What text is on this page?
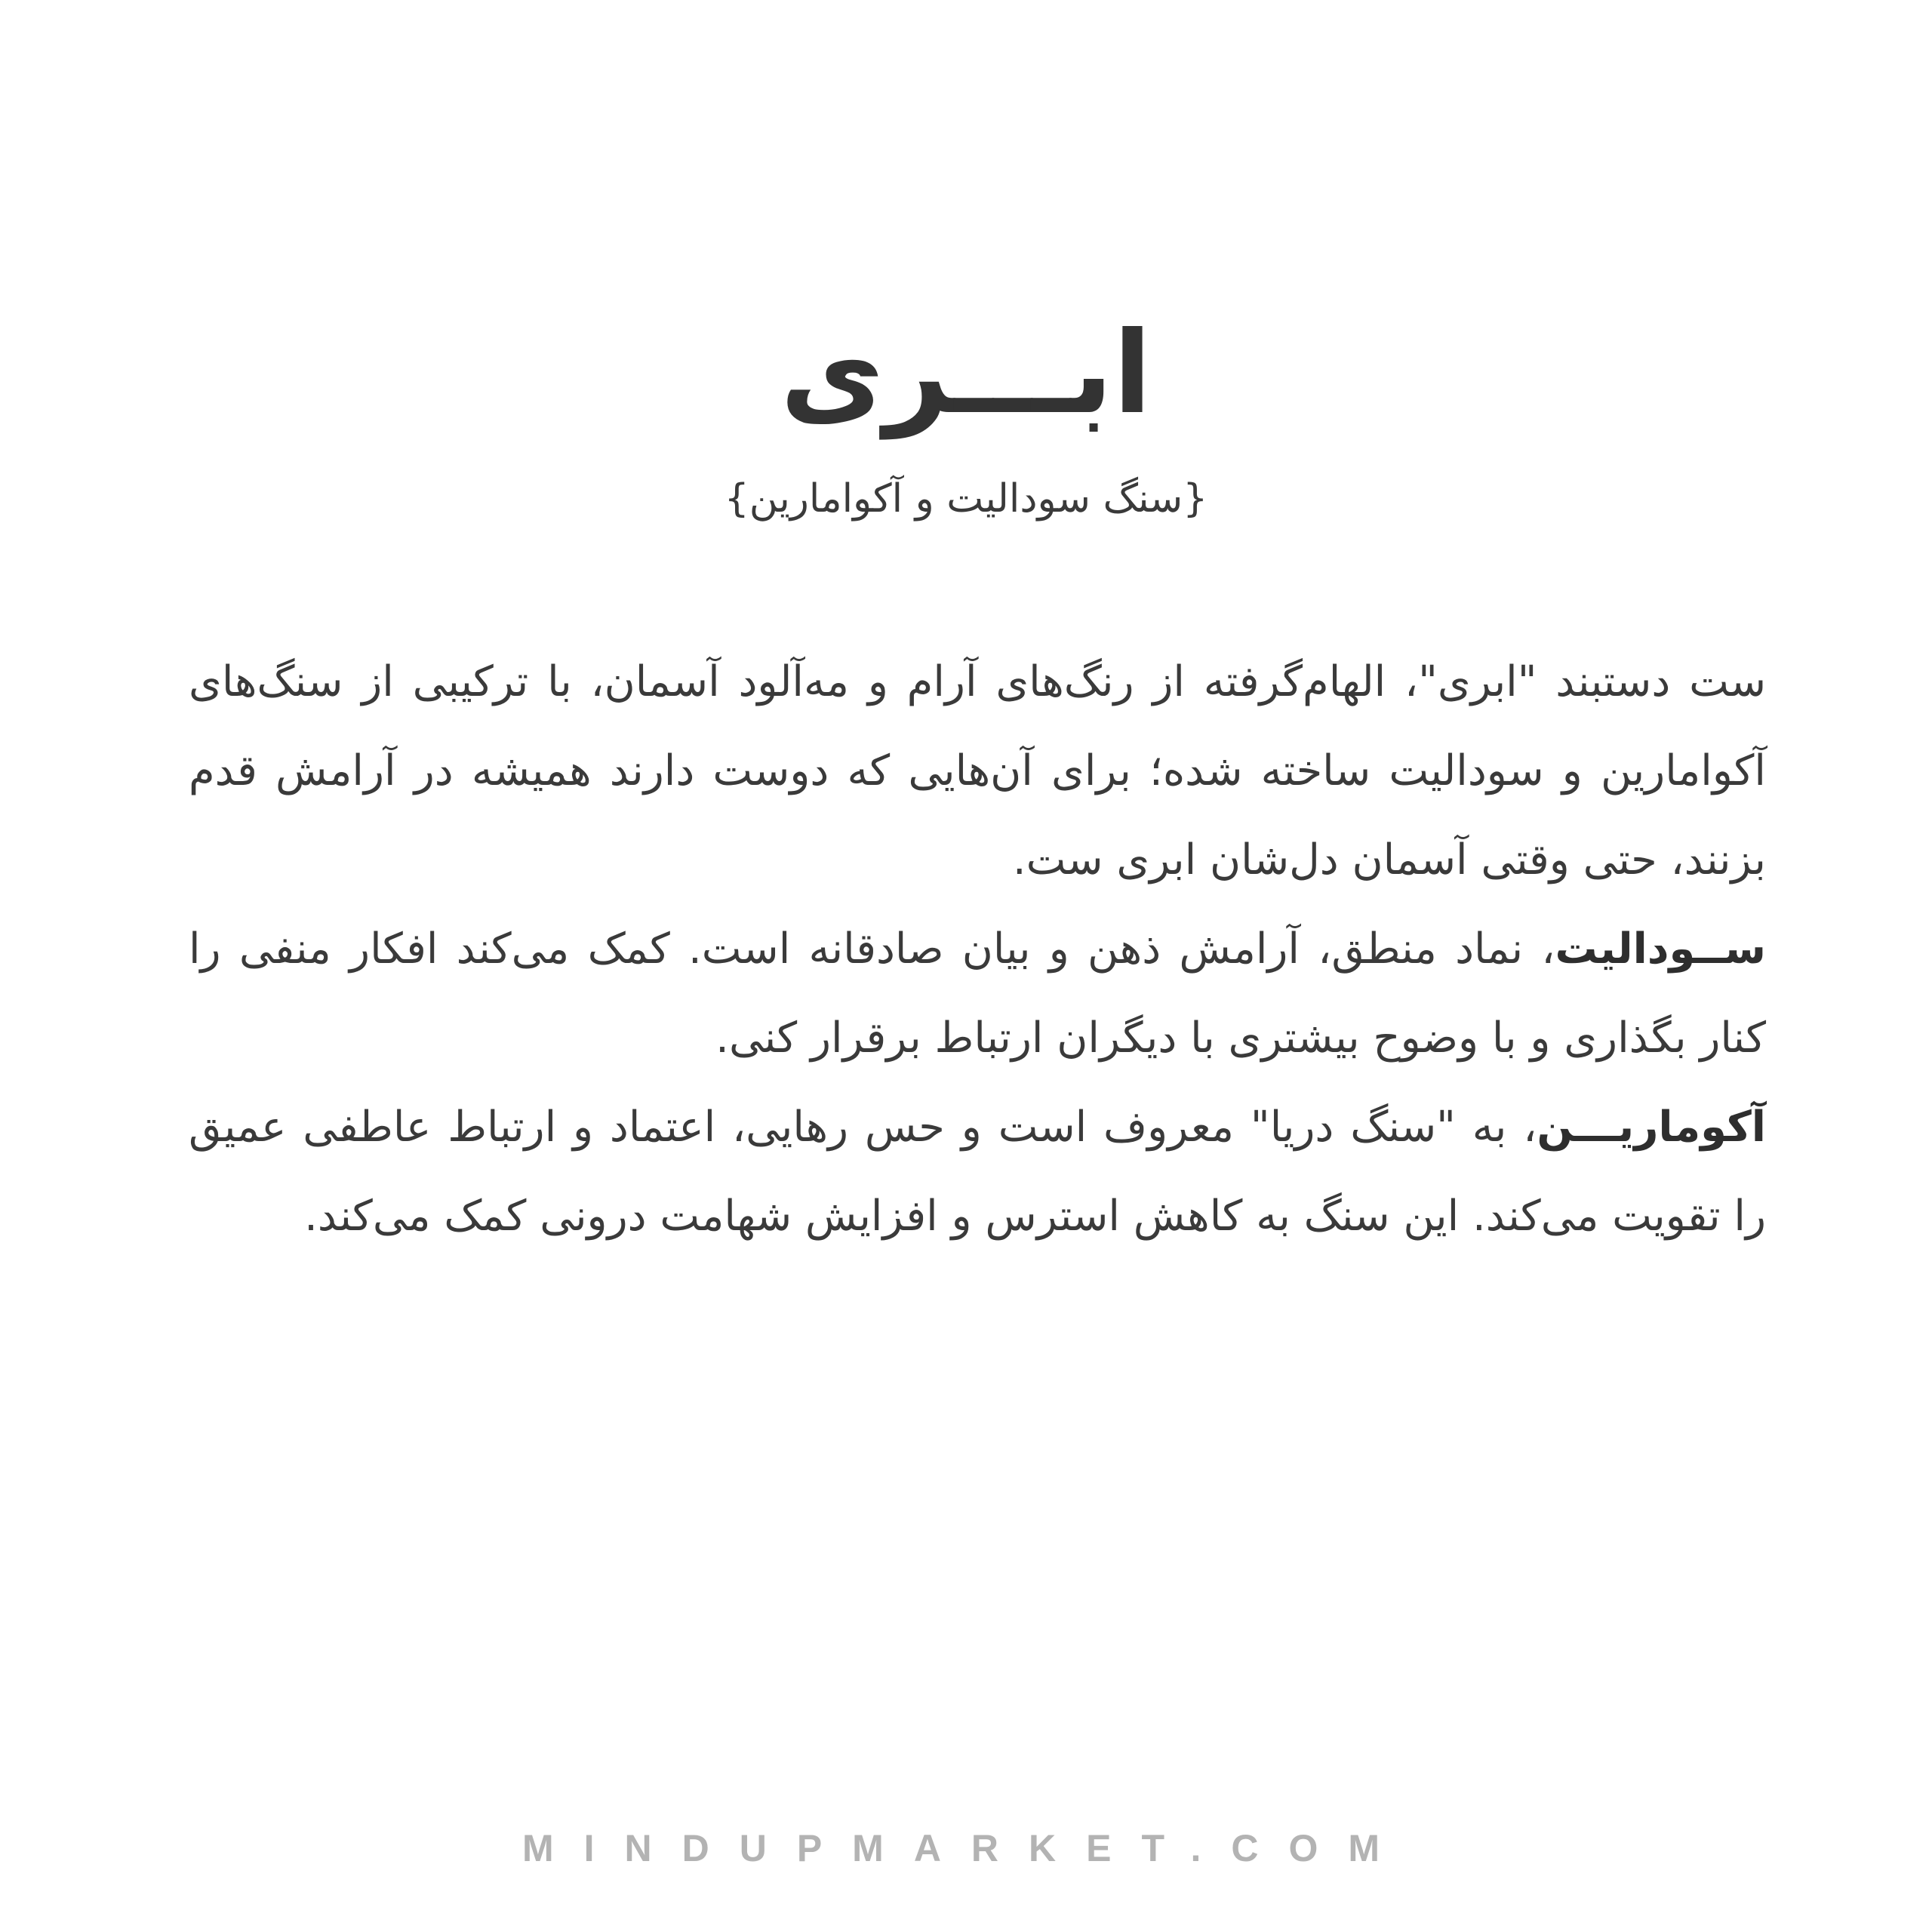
ابـــری
{سنگ سودالیت و آکوامارین}

ست دستبند "ابری"، الهام‌گرفته از رنگ‌های آرام و مه‌آلود آسمان، با ترکیبی از سنگ‌های آکوامارین و سودالیت ساخته شده؛ برای آن‌هایی که دوست دارند همیشه در آرامش قدم بزنند، حتی وقتی آسمان دل‌شان ابری ست.

ســودالیت، نماد منطق، آرامش ذهن و بیان صادقانه است. کمک می‌کند افکار منفی را کنار بگذاری و با وضوح بیشتری با دیگران ارتباط برقرار کنی.

آکوماریـــن، به "سنگ دریا" معروف است و حس رهایی، اعتماد و ارتباط عاطفی عمیق را تقویت می‌کند. این سنگ به کاهش استرس و افزایش شهامت درونی کمک می‌کند.

MINDUPMARKET.COM
